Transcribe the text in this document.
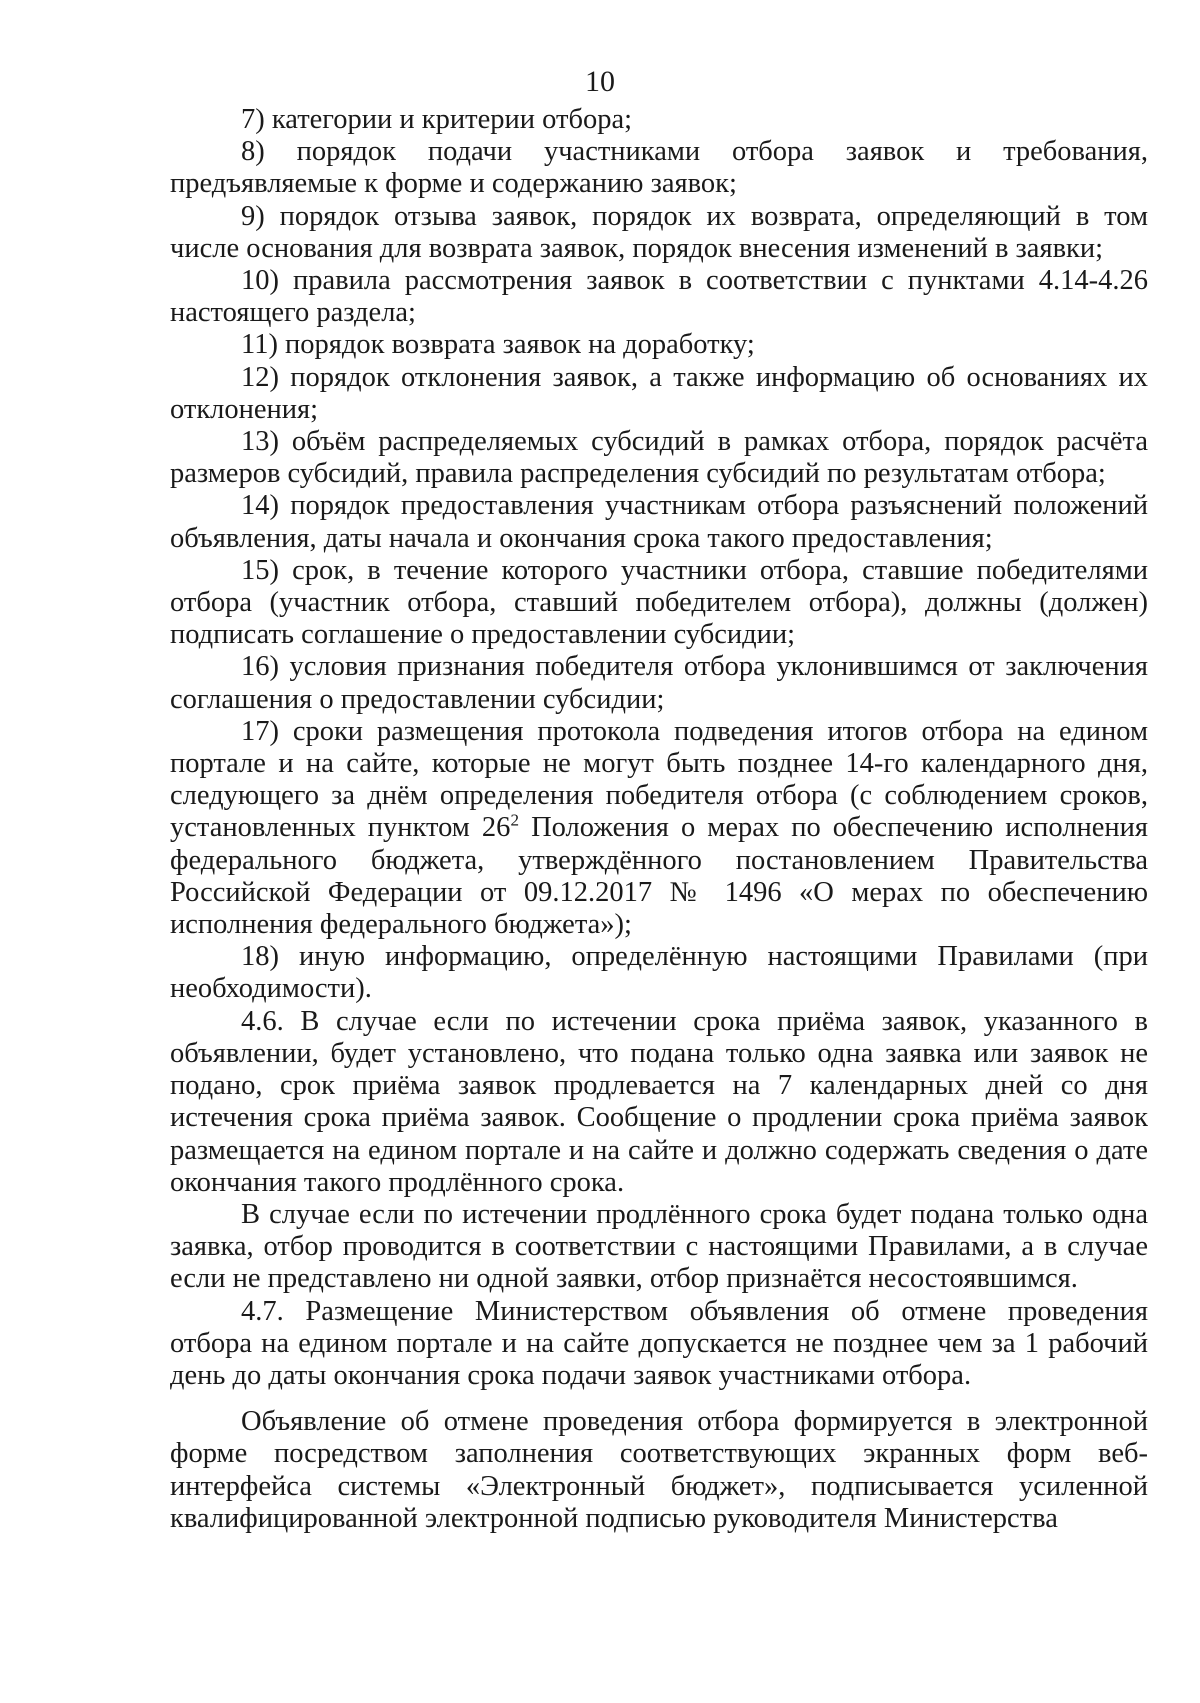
10

7) категории и критерии отбора;

8) порядок подачи участниками отбора заявок и требования, предъявляемые к форме и содержанию заявок;

9) порядок отзыва заявок, порядок их возврата, определяющий в том числе основания для возврата заявок, порядок внесения изменений в заявки;

10) правила рассмотрения заявок в соответствии с пунктами 4.14-4.26 настоящего раздела;

11) порядок возврата заявок на доработку;

12) порядок отклонения заявок, а также информацию об основаниях их отклонения;

13) объём распределяемых субсидий в рамках отбора, порядок расчёта размеров субсидий, правила распределения субсидий по результатам отбора;

14) порядок предоставления участникам отбора разъяснений положений объявления, даты начала и окончания срока такого предоставления;

15) срок, в течение которого участники отбора, ставшие победителями отбора (участник отбора, ставший победителем отбора), должны (должен) подписать соглашение о предоставлении субсидии;

16) условия признания победителя отбора уклонившимся от заключения соглашения о предоставлении субсидии;

17) сроки размещения протокола подведения итогов отбора на едином портале и на сайте, которые не могут быть позднее 14-го календарного дня, следующего за днём определения победителя отбора (с соблюдением сроков, установленных пунктом $26^2$ Положения о мерах по обеспечению исполнения федерального бюджета, утверждённого постановлением Правительства Российской Федерации от 09.12.2017 № 1496 «О мерах по обеспечению исполнения федерального бюджета»);

18) иную информацию, определённую настоящими Правилами (при необходимости).

4.6. В случае если по истечении срока приёма заявок, указанного в объявлении, будет установлено, что подана только одна заявка или заявок не подано, срок приёма заявок продлевается на 7 календарных дней со дня истечения срока приёма заявок. Сообщение о продлении срока приёма заявок размещается на едином портале и на сайте и должно содержать сведения о дате окончания такого продлённого срока.

В случае если по истечении продлённого срока будет подана только одна заявка, отбор проводится в соответствии с настоящими Правилами, а в случае если не представлено ни одной заявки, отбор признаётся несостоявшимся.

4.7. Размещение Министерством объявления об отмене проведения отбора на едином портале и на сайте допускается не позднее чем за 1 рабочий день до даты окончания срока подачи заявок участниками отбора.

Объявление об отмене проведения отбора формируется в электронной форме посредством заполнения соответствующих экранных форм веб-интерфейса системы «Электронный бюджет», подписывается усиленной квалифицированной электронной подписью руководителя Министерства
